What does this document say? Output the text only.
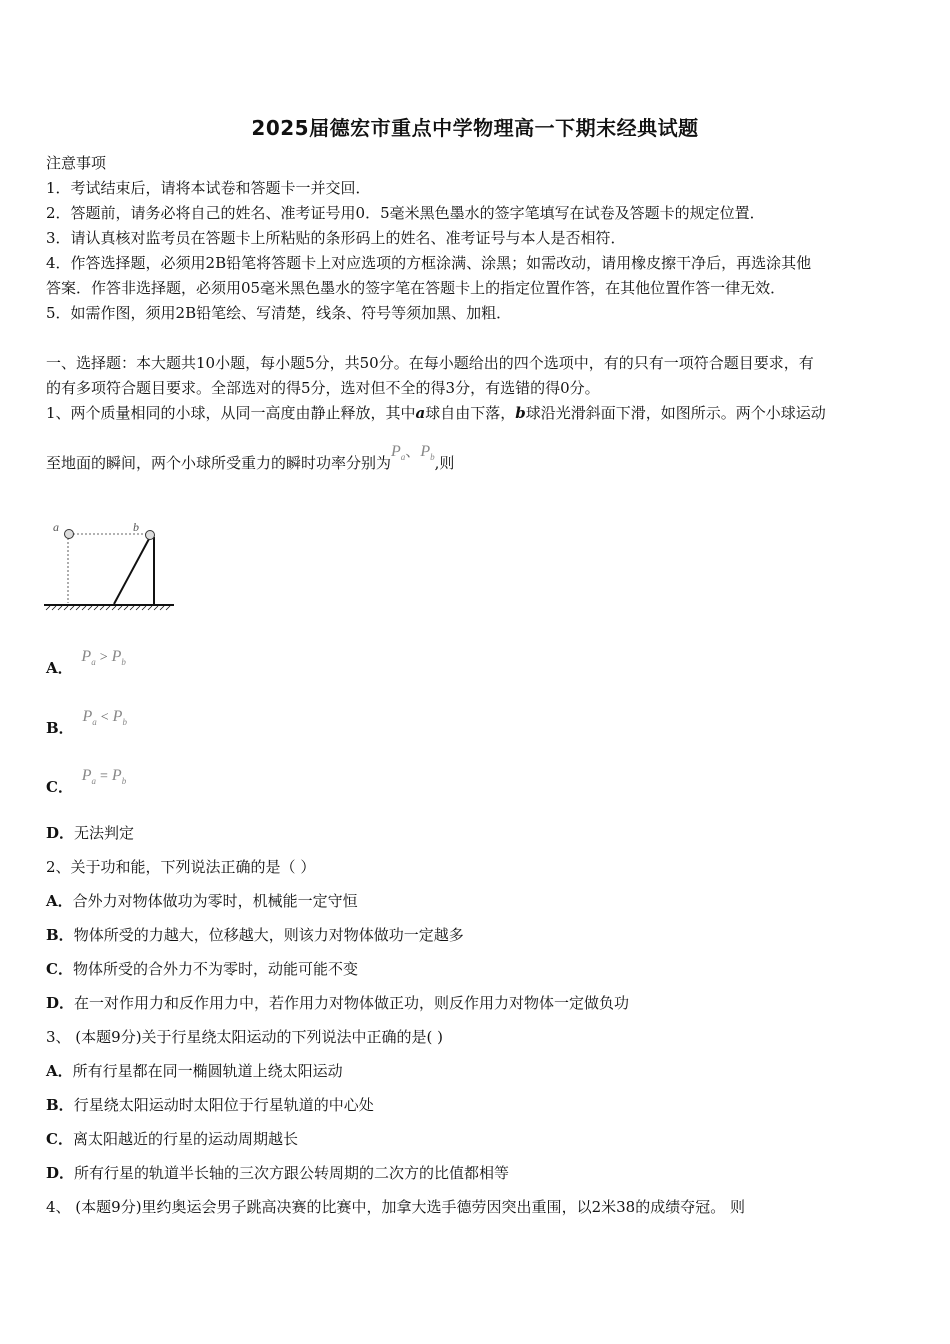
2025届德宏市重点中学物理高一下期末经典试题
注意事项
1．考试结束后，请将本试卷和答题卡一并交回．
2．答题前，请务必将自己的姓名、准考证号用0．5毫米黑色墨水的签字笔填写在试卷及答题卡的规定位置．
3．请认真核对监考员在答题卡上所粘贴的条形码上的姓名、准考证号与本人是否相符．
4．作答选择题，必须用2B铅笔将答题卡上对应选项的方框涂满、涂黑；如需改动，请用橡皮擦干净后，再选涂其他
答案．作答非选择题，必须用05毫米黑色墨水的签字笔在答题卡上的指定位置作答，在其他位置作答一律无效．
5．如需作图，须用2B铅笔绘、写清楚，线条、符号等须加黑、加粗．
一、选择题：本大题共10小题，每小题5分，共50分。在每小题给出的四个选项中，有的只有一项符合题目要求，有
的有多项符合题目要求。全部选对的得5分，选对但不全的得3分，有选错的得0分。
1、两个质量相同的小球，从同一高度由静止释放，其中a球自由下落，b球沿光滑斜面下滑，如图所示。两个小球运动
至地面的瞬间，两个小球所受重力的瞬时功率分别为$P_a$、$P_b$,则
a	b
A． $P_a > P_b$
B． $P_a < P_b$
C． $P_a = P_b$
D．无法判定
2、关于功和能，下列说法正确的是（ ）
A．合外力对物体做功为零时，机械能一定守恒
B．物体所受的力越大，位移越大，则该力对物体做功一定越多
C．物体所受的合外力不为零时，动能可能不变
D．在一对作用力和反作用力中，若作用力对物体做正功，则反作用力对物体一定做负功
3、 (本题9分)关于行星绕太阳运动的下列说法中正确的是( )
A．所有行星都在同一椭圆轨道上绕太阳运动
B．行星绕太阳运动时太阳位于行星轨道的中心处
C．离太阳越近的行星的运动周期越长
D．所有行星的轨道半长轴的三次方跟公转周期的二次方的比值都相等
4、 (本题9分)里约奥运会男子跳高决赛的比赛中，加拿大选手德劳因突出重围，以2米38的成绩夺冠。 则
